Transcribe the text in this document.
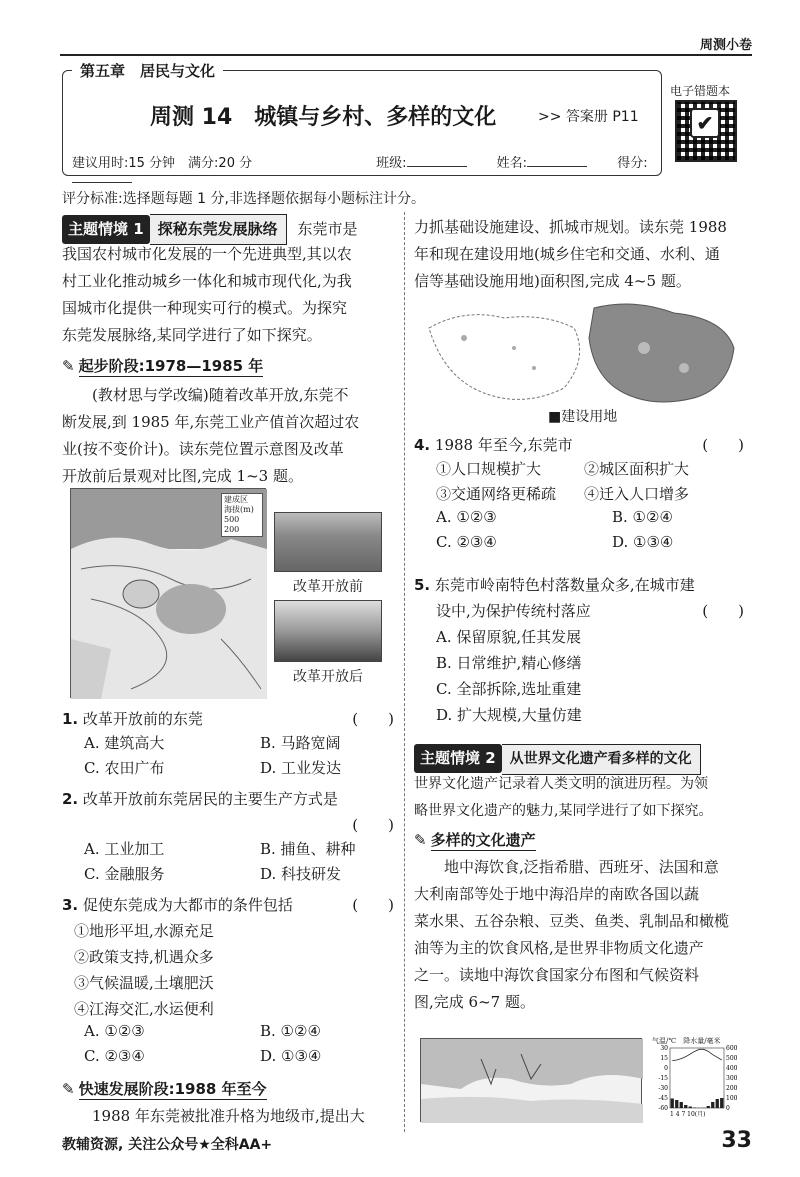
周测小卷
第五章　居民与文化
周测 14　城镇与乡村、多样的文化	>> 答案册 P11
电子错题本
✔
建议用时:15 分钟　满分:20 分	班级:	姓名:	得分:
评分标准:选择题每题 1 分,非选择题依据每小题标注计分。
主题情境 1 探秘东莞发展脉络 东莞市是
我国农村城市化发展的一个先进典型,其以农
村工业化推动城乡一体化和城市现代化,为我
国城市化提供一种现实可行的模式。为探究
东莞发展脉络,某同学进行了如下探究。
✎ 起步阶段:1978—1985 年
(教材思与学改编)随着改革开放,东莞不
断发展,到 1985 年,东莞工业产值首次超过农
业(按不变价计)。读东莞位置示意图及改革
开放前后景观对比图,完成 1~3 题。
建成区
海拔(m)
500
200
改革开放前
改革开放后
1. 改革开放前的东莞	(　　)
A. 建筑高大	B. 马路宽阔
C. 农田广布	D. 工业发达
2. 改革开放前东莞居民的主要生产方式是
(　　)
A. 工业加工	B. 捕鱼、耕种
C. 金融服务	D. 科技研发
3. 促使东莞成为大都市的条件包括	(　　)
①地形平坦,水源充足
②政策支持,机遇众多
③气候温暖,土壤肥沃
④江海交汇,水运便利
A. ①②③	B. ①②④
C. ②③④	D. ①③④
✎ 快速发展阶段:1988 年至今
1988 年东莞被批准升格为地级市,提出大
力抓基础设施建设、抓城市规划。读东莞 1988
年和现在建设用地(城乡住宅和交通、水利、通
信等基础设施用地)面积图,完成 4~5 题。
■建设用地
4. 1988 年至今,东莞市	(　　)
①人口规模扩大	②城区面积扩大
③交通网络更稀疏 ④迁入人口增多
A. ①②③	B. ①②④
C. ②③④	D. ①③④
5. 东莞市岭南特色村落数量众多,在城市建
设中,为保护传统村落应	(　　)
A. 保留原貌,任其发展
B. 日常维护,精心修缮
C. 全部拆除,选址重建
D. 扩大规模,大量仿建
主题情境 2 从世界文化遗产看多样的文化
世界文化遗产记录着人类文明的演进历程。为领
略世界文化遗产的魅力,某同学进行了如下探究。
✎ 多样的文化遗产
地中海饮食,泛指希腊、西班牙、法国和意
大利南部等处于地中海沿岸的南欧各国以蔬
菜水果、五谷杂粮、豆类、鱼类、乳制品和橄榄
油等为主的饮食风格,是世界非物质文化遗产
之一。读地中海饮食国家分布图和气候资料
图,完成 6~7 题。
气温/℃　降水量/毫米
30
15
0
-15
-30
-45
-60
600
500
400
300
200
100
0
1 4 7 10(月)
教辅资源, 关注公众号★全科AA+	33
